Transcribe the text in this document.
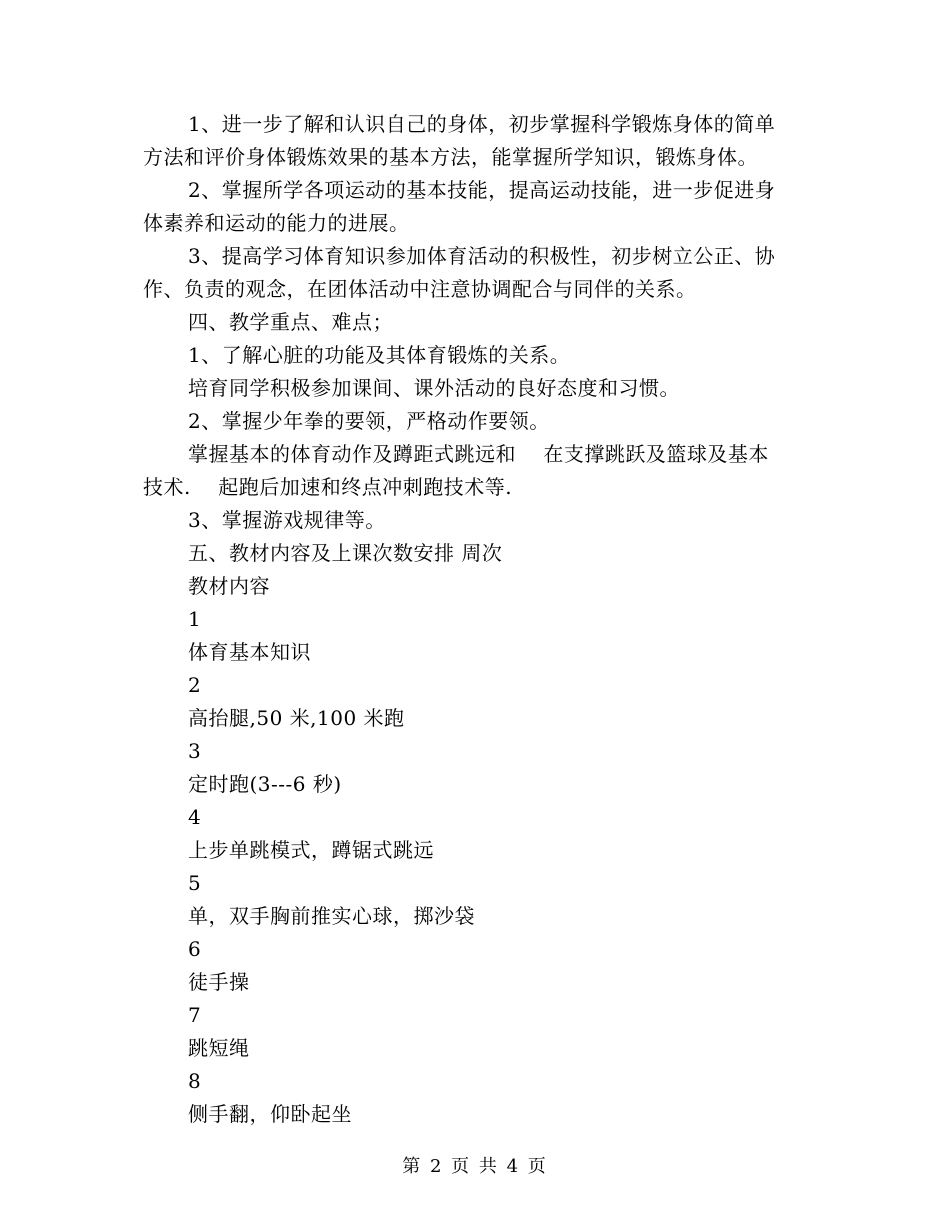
1、进一步了解和认识自己的身体，初步掌握科学锻炼身体的简单
方法和评价身体锻炼效果的基本方法，能掌握所学知识，锻炼身体。
2、掌握所学各项运动的基本技能，提高运动技能，进一步促进身
体素养和运动的能力的进展。
3、提高学习体育知识参加体育活动的积极性，初步树立公正、协
作、负责的观念，在团体活动中注意协调配合与同伴的关系。
四、教学重点、难点；
1、了解心脏的功能及其体育锻炼的关系。
培育同学积极参加课间、课外活动的良好态度和习惯。
2、掌握少年拳的要领，严格动作要领。
掌握基本的体育动作及蹲距式跳远和　 在支撑跳跃及篮球及基本
技术.　 起跑后加速和终点冲刺跑技术等.
3、掌握游戏规律等。
五、教材内容及上课次数安排 周次
教材内容
1
体育基本知识
2
高抬腿,50 米,100 米跑
3
定时跑(3---6 秒)
4
上步单跳模式，蹲锯式跳远
5
单，双手胸前推实心球，掷沙袋
6
徒手操
7
跳短绳
8
侧手翻，仰卧起坐
第 2 页 共 4 页
